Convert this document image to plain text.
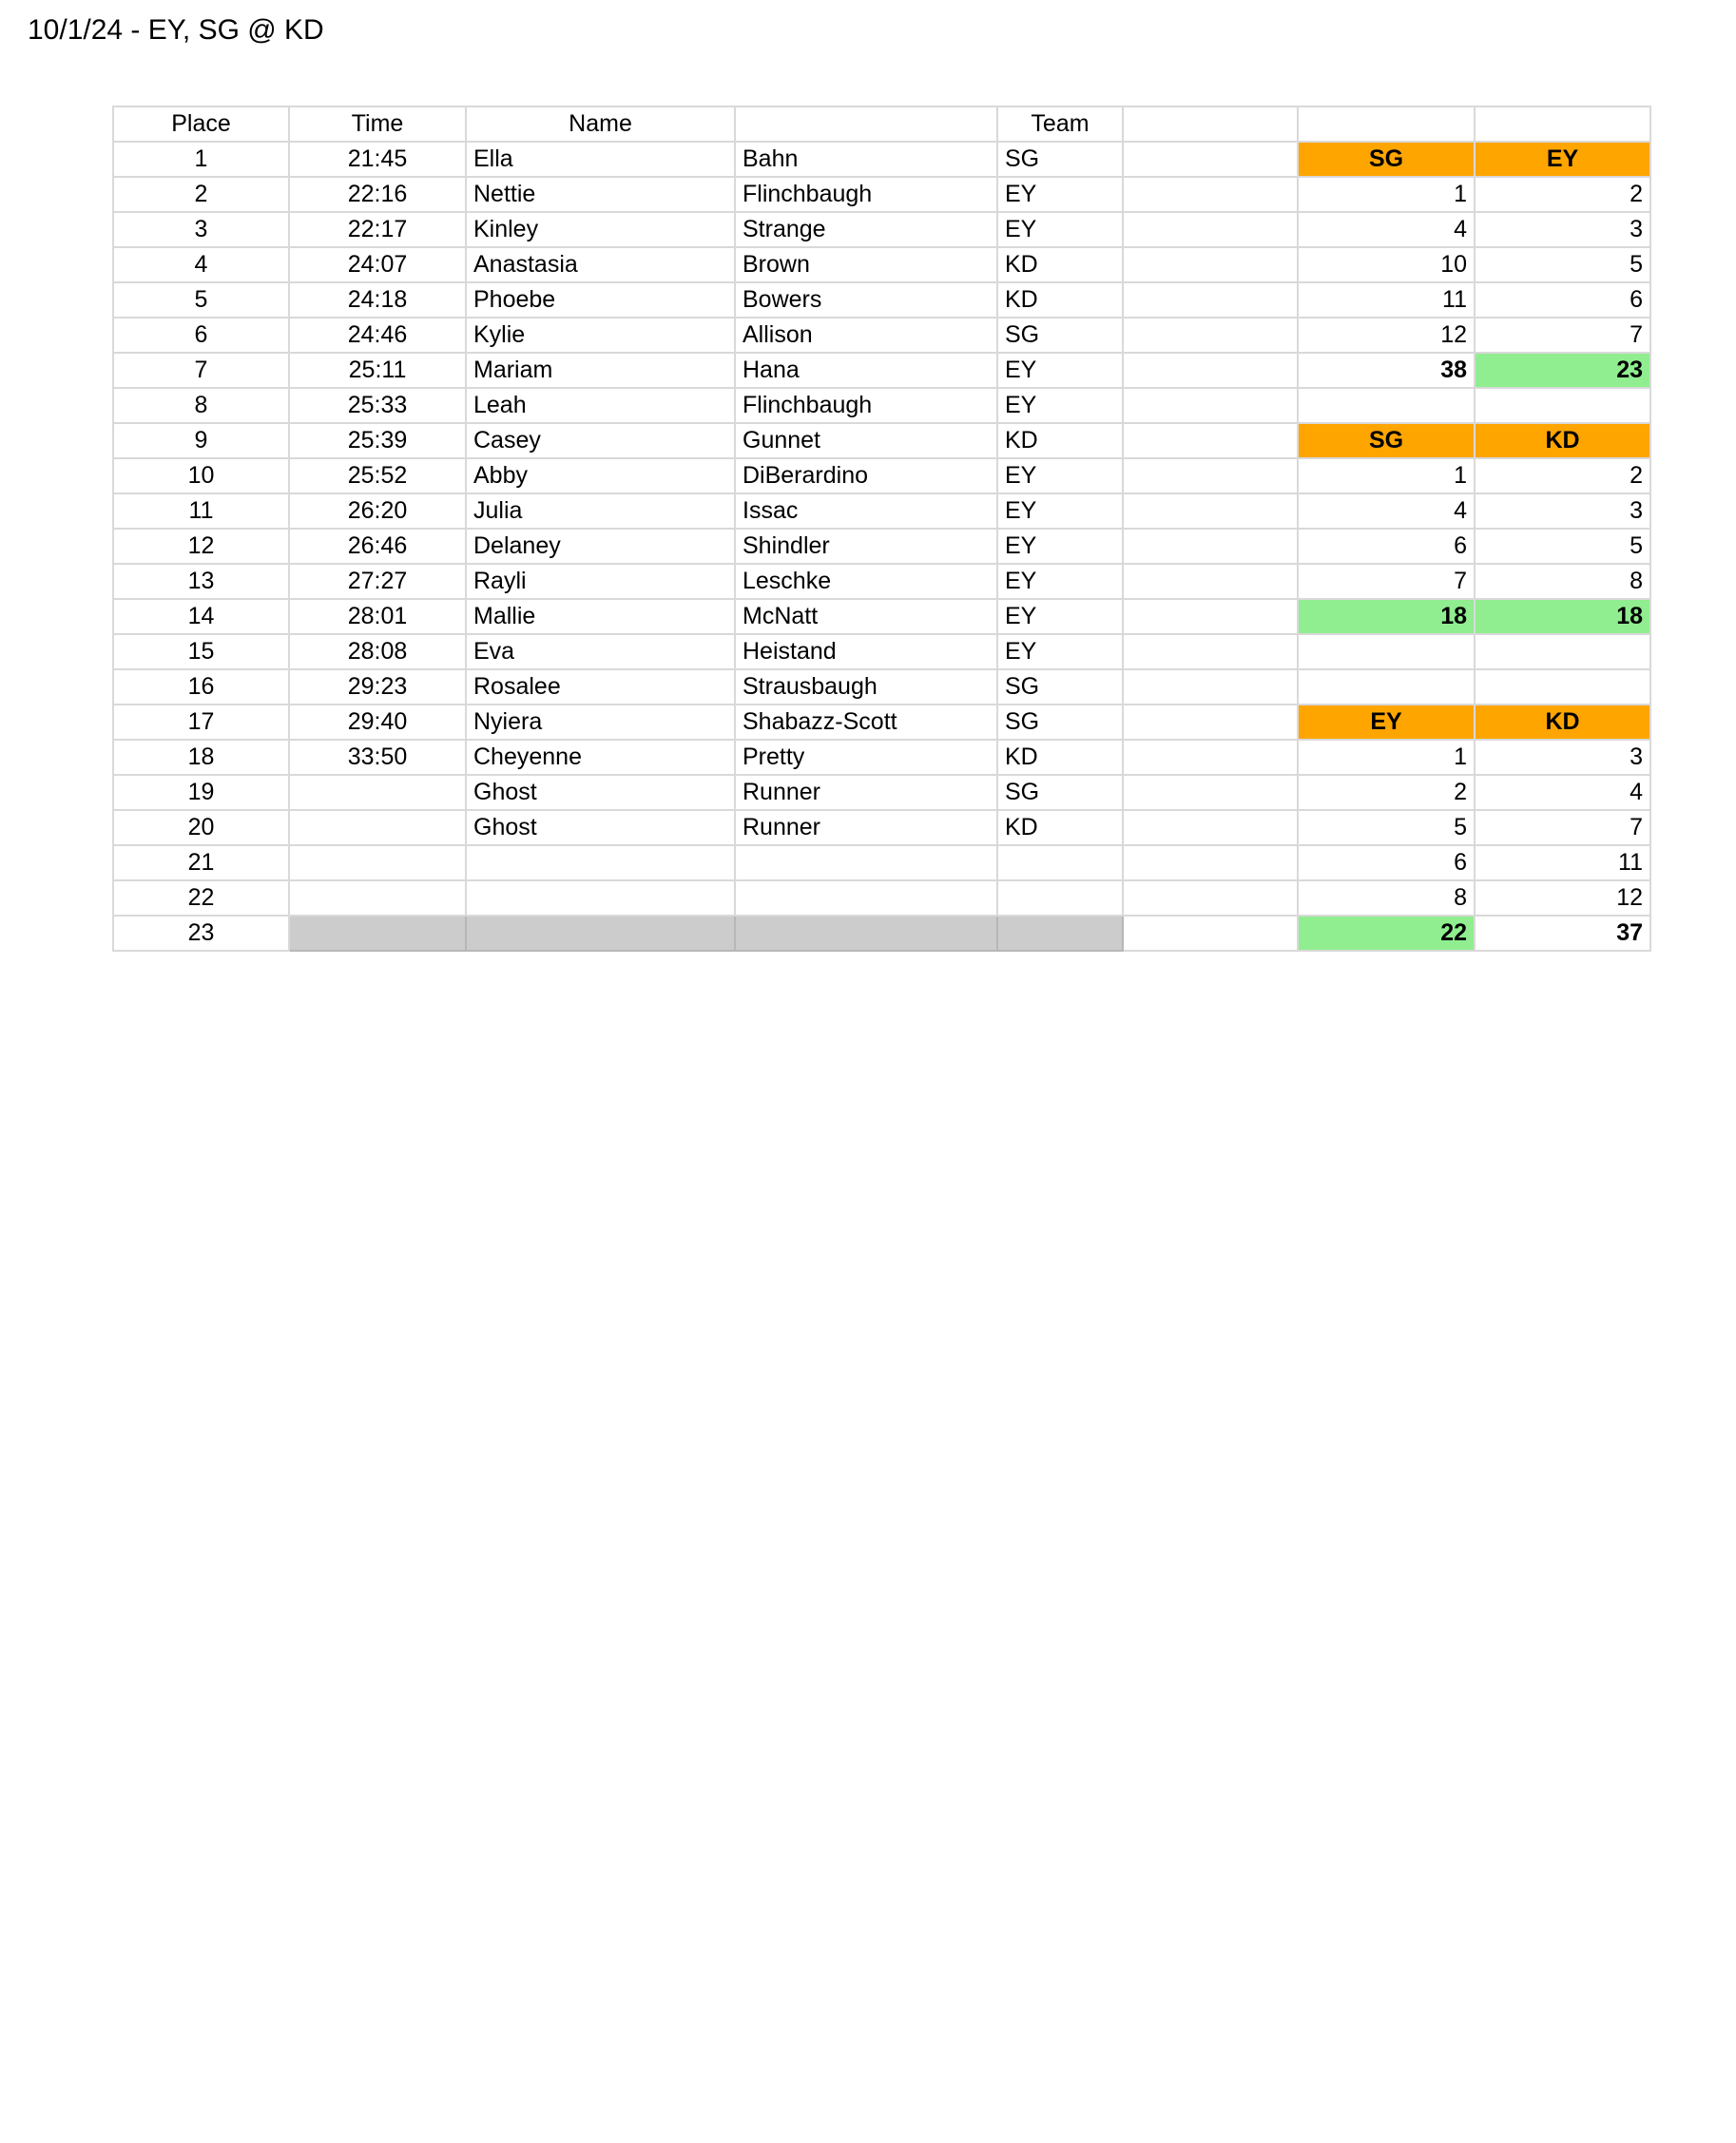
10/1/24 - EY, SG @ KD
Place	Time	Name		Team			
1	21:45	Ella	Bahn	SG		SG	EY
2	22:16	Nettie	Flinchbaugh	EY		1	2
3	22:17	Kinley	Strange	EY		4	3
4	24:07	Anastasia	Brown	KD		10	5
5	24:18	Phoebe	Bowers	KD		11	6
6	24:46	Kylie	Allison	SG		12	7
7	25:11	Mariam	Hana	EY		38	23
8	25:33	Leah	Flinchbaugh	EY			
9	25:39	Casey	Gunnet	KD		SG	KD
10	25:52	Abby	DiBerardino	EY		1	2
11	26:20	Julia	Issac	EY		4	3
12	26:46	Delaney	Shindler	EY		6	5
13	27:27	Rayli	Leschke	EY		7	8
14	28:01	Mallie	McNatt	EY		18	18
15	28:08	Eva	Heistand	EY			
16	29:23	Rosalee	Strausbaugh	SG			
17	29:40	Nyiera	Shabazz-Scott	SG		EY	KD
18	33:50	Cheyenne	Pretty	KD		1	3
19		Ghost	Runner	SG		2	4
20		Ghost	Runner	KD		5	7
21						6	11
22						8	12
23						22	37
